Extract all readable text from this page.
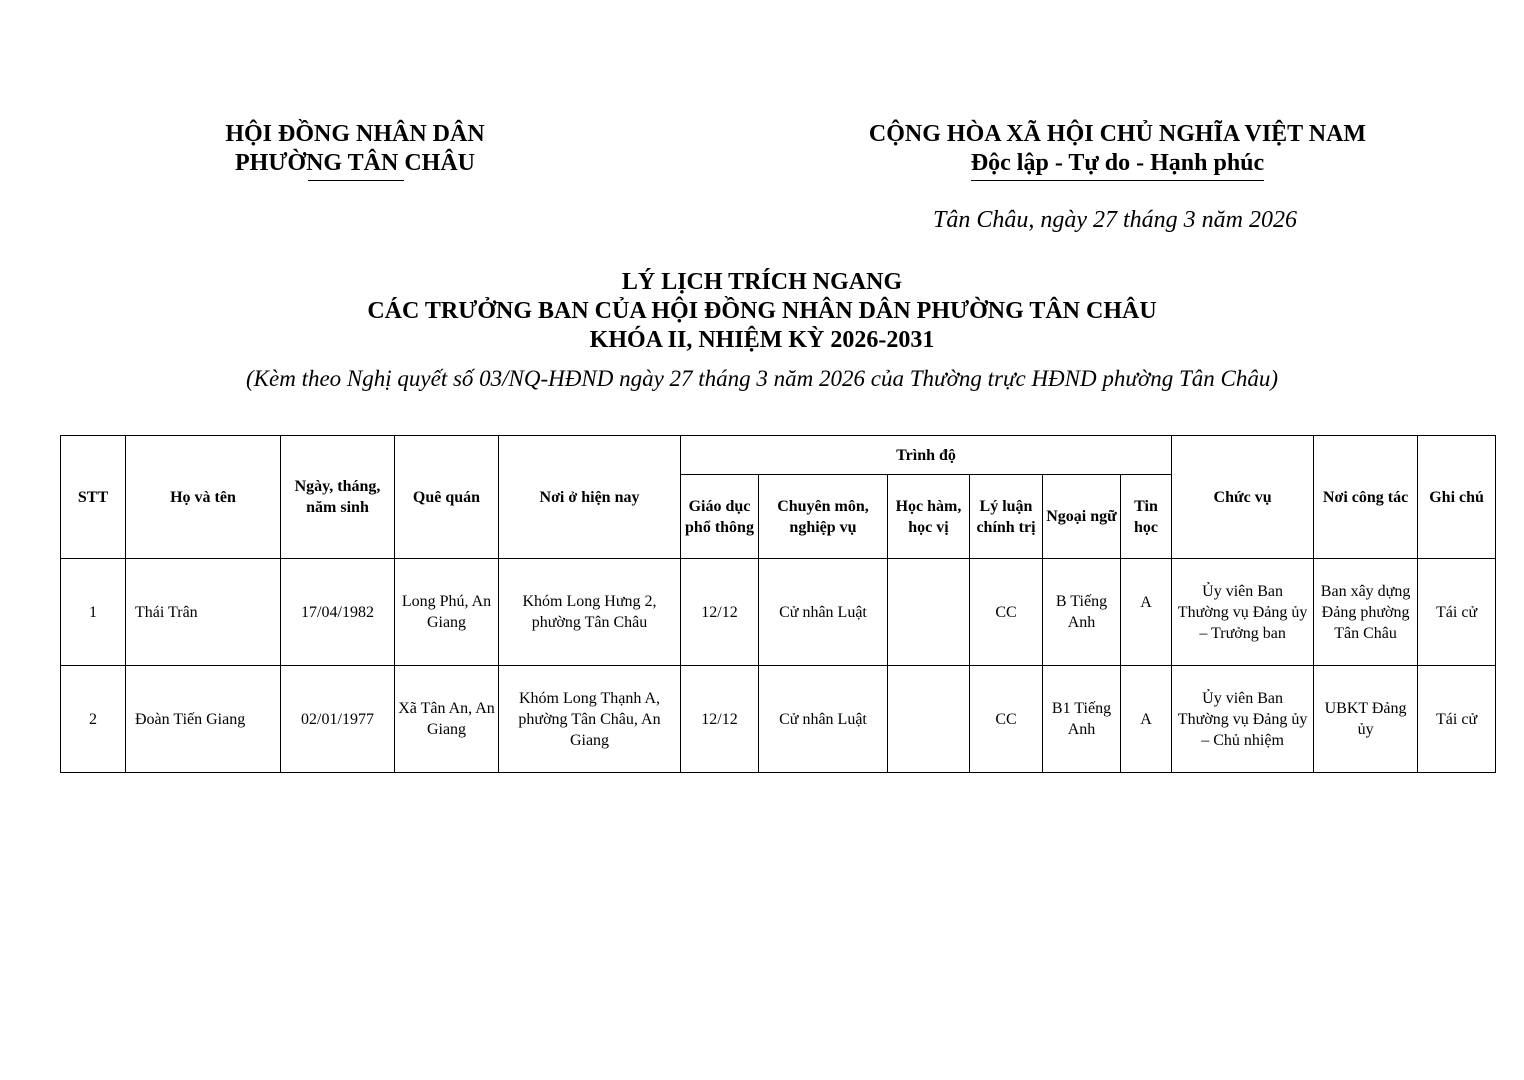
HỘI ĐỒNG NHÂN DÂN
PHƯỜNG TÂN CHÂU
CỘNG HÒA XÃ HỘI CHỦ NGHĨA VIỆT NAM
Độc lập - Tự do - Hạnh phúc
Tân Châu, ngày 27 tháng 3 năm 2026
LÝ LỊCH TRÍCH NGANG
CÁC TRƯỞNG BAN CỦA HỘI ĐỒNG NHÂN DÂN PHƯỜNG TÂN CHÂU
KHÓA II, NHIỆM KỲ 2026-2031
(Kèm theo Nghị quyết số 03/NQ-HĐND ngày 27 tháng 3 năm 2026 của Thường trực HĐND phường Tân Châu)
STT	Họ và tên	Ngày, tháng, năm sinh	Quê quán	Nơi ở hiện nay	Trình độ						Chức vụ	Nơi công tác	Ghi chú
					Giáo dục phổ thông	Chuyên môn, nghiệp vụ	Học hàm, học vị	Lý luận chính trị	Ngoại ngữ	Tin học			
1	Thái Trân	17/04/1982	Long Phú, An Giang	Khóm Long Hưng 2, phường Tân Châu	12/12	Cử nhân Luật		CC	B Tiếng Anh	A	Ủy viên Ban Thường vụ Đảng ủy – Trưởng ban	Ban xây dựng Đảng phường Tân Châu	Tái cử
2	Đoàn Tiến Giang	02/01/1977	Xã Tân An, An Giang	Khóm Long Thạnh A, phường Tân Châu, An Giang	12/12	Cử nhân Luật		CC	B1 Tiếng Anh	A	Ủy viên Ban Thường vụ Đảng ủy – Chủ nhiệm	UBKT Đảng ủy	Tái cử
